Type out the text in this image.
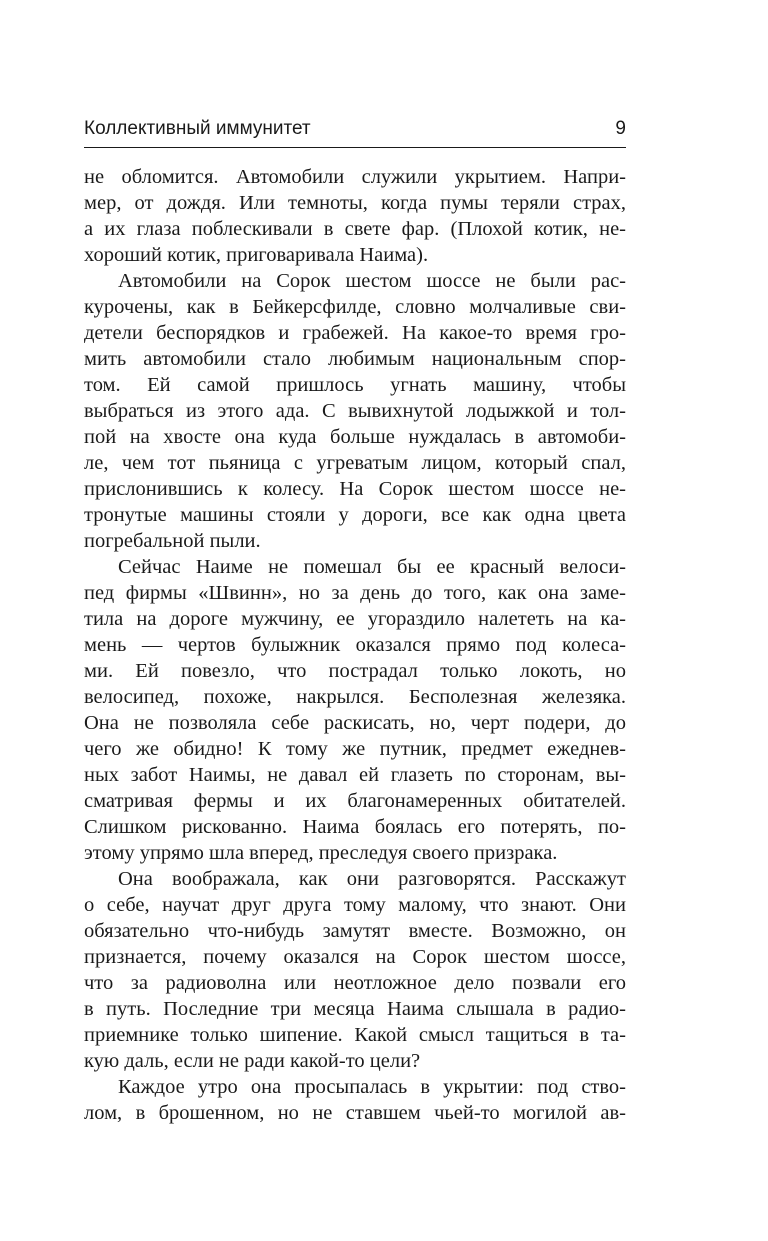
Коллективный иммунитет	9
не обломится. Автомобили служили укрытием. Напри-
мер, от дождя. Или темноты, когда пумы теряли страх,
а их глаза поблескивали в свете фар. (Плохой котик, не-
хороший котик, приговаривала Наима).
Автомобили на Сорок шестом шоссе не были рас-
курочены, как в Бейкерсфилде, словно молчаливые сви-
детели беспорядков и грабежей. На какое-то время гро-
мить автомобили стало любимым национальным спор-
том. Ей самой пришлось угнать машину, чтобы
выбраться из этого ада. С вывихнутой лодыжкой и тол-
пой на хвосте она куда больше нуждалась в автомоби-
ле, чем тот пьяница с угреватым лицом, который спал,
прислонившись к колесу. На Сорок шестом шоссе не-
тронутые машины стояли у дороги, все как одна цвета
погребальной пыли.
Сейчас Наиме не помешал бы ее красный велоси-
пед фирмы «Швинн», но за день до того, как она заме-
тила на дороге мужчину, ее угораздило налететь на ка-
мень — чертов булыжник оказался прямо под колеса-
ми. Ей повезло, что пострадал только локоть, но
велосипед, похоже, накрылся. Бесполезная железяка.
Она не позволяла себе раскисать, но, черт подери, до
чего же обидно! К тому же путник, предмет ежеднев-
ных забот Наимы, не давал ей глазеть по сторонам, вы-
сматривая фермы и их благонамеренных обитателей.
Слишком рискованно. Наима боялась его потерять, по-
этому упрямо шла вперед, преследуя своего призрака.
Она воображала, как они разговорятся. Расскажут
о себе, научат друг друга тому малому, что знают. Они
обязательно что-нибудь замутят вместе. Возможно, он
признается, почему оказался на Сорок шестом шоссе,
что за радиоволна или неотложное дело позвали его
в путь. Последние три месяца Наима слышала в радио-
приемнике только шипение. Какой смысл тащиться в та-
кую даль, если не ради какой-то цели?
Каждое утро она просыпалась в укрытии: под ство-
лом, в брошенном, но не ставшем чьей-то могилой ав-
